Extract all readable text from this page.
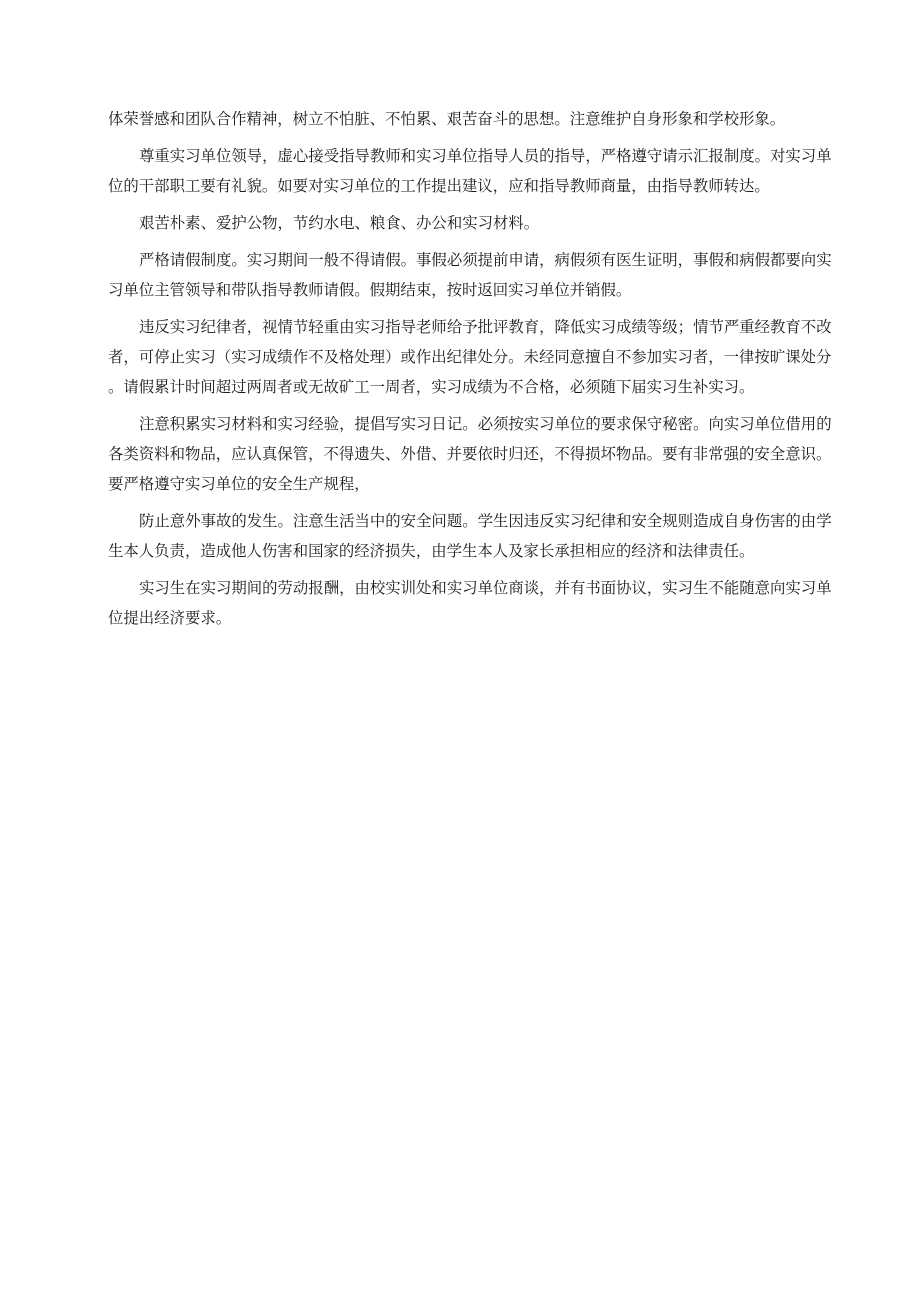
体荣誉感和团队合作精神，树立不怕脏、不怕累、艰苦奋斗的思想。注意维护自身形象和学校形象。

尊重实习单位领导，虚心接受指导教师和实习单位指导人员的指导，严格遵守请示汇报制度。对实习单位的干部职工要有礼貌。如要对实习单位的工作提出建议，应和指导教师商量，由指导教师转达。

艰苦朴素、爱护公物，节约水电、粮食、办公和实习材料。

严格请假制度。实习期间一般不得请假。事假必须提前申请，病假须有医生证明，事假和病假都要向实习单位主管领导和带队指导教师请假。假期结束，按时返回实习单位并销假。

违反实习纪律者，视情节轻重由实习指导老师给予批评教育，降低实习成绩等级；情节严重经教育不改者，可停止实习（实习成绩作不及格处理）或作出纪律处分。未经同意擅自不参加实习者，一律按旷课处分。请假累计时间超过两周者或无故矿工一周者，实习成绩为不合格，必须随下届实习生补实习。

注意积累实习材料和实习经验，提倡写实习日记。必须按实习单位的要求保守秘密。向实习单位借用的各类资料和物品，应认真保管，不得遗失、外借、并要依时归还，不得损坏物品。要有非常强的安全意识。要严格遵守实习单位的安全生产规程，

防止意外事故的发生。注意生活当中的安全问题。学生因违反实习纪律和安全规则造成自身伤害的由学生本人负责，造成他人伤害和国家的经济损失，由学生本人及家长承担相应的经济和法律责任。

实习生在实习期间的劳动报酬，由校实训处和实习单位商谈，并有书面协议，实习生不能随意向实习单位提出经济要求。
